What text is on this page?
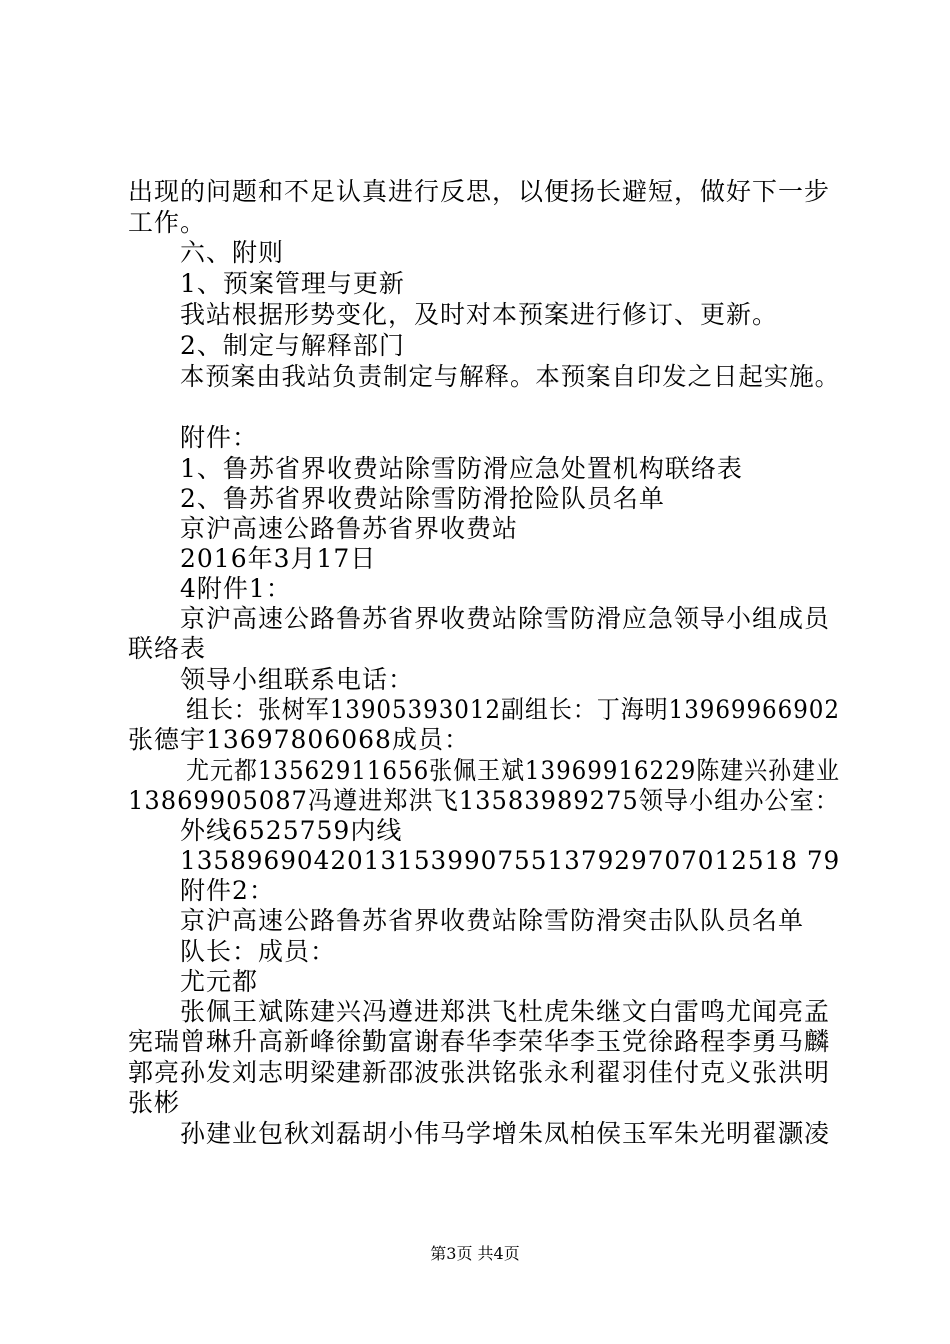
出现的问题和不足认真进行反思，以便扬长避短，做好下一步
工作。
六、附则
1、预案管理与更新
我站根据形势变化，及时对本预案进行修订、更新。
2、制定与解释部门
本预案由我站负责制定与解释。本预案自印发之日起实施。
附件：
1、鲁苏省界收费站除雪防滑应急处置机构联络表
2、鲁苏省界收费站除雪防滑抢险队员名单
京沪高速公路鲁苏省界收费站
2016年3月17日
4附件1：
京沪高速公路鲁苏省界收费站除雪防滑应急领导小组成员
联络表
领导小组联系电话：
组长：张树军13905393012副组长：丁海明13969966902
张德宇13697806068成员：
尤元都13562911656张佩王斌13969916229陈建兴孙建业
13869905087冯遵进郑洪飞13583989275领导小组办公室：
外线6525759内线
1358969042013153990755137929707012518 79
附件2：
京沪高速公路鲁苏省界收费站除雪防滑突击队队员名单
队长：成员：
尤元都
张佩王斌陈建兴冯遵进郑洪飞杜虎朱继文白雷鸣尤闻亮孟
宪瑞曾琳升高新峰徐勤富谢春华李荣华李玉党徐路程李勇马麟
郭亮孙发刘志明梁建新邵波张洪铭张永利翟羽佳付克义张洪明
张彬
孙建业包秋刘磊胡小伟马学增朱凤柏侯玉军朱光明翟灏凌
第3页 共4页
